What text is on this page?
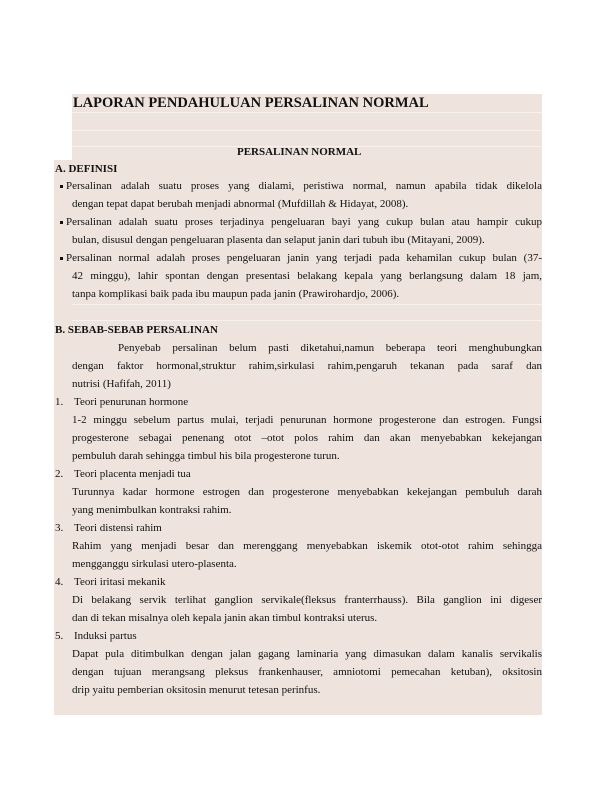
LAPORAN PENDAHULUAN PERSALINAN NORMAL
PERSALINAN NORMAL
A. DEFINISI
Persalinan adalah suatu proses yang dialami, peristiwa normal, namun apabila tidak dikelola
dengan tepat dapat berubah menjadi abnormal (Mufdillah & Hidayat, 2008).
Persalinan adalah suatu proses terjadinya pengeluaran bayi yang cukup bulan atau hampir cukup
bulan, disusul dengan pengeluaran plasenta dan selaput janin dari tubuh ibu (Mitayani, 2009).
Persalinan normal adalah proses pengeluaran janin yang terjadi pada kehamilan cukup bulan (37-
42 minggu), lahir spontan dengan presentasi belakang kepala yang berlangsung dalam 18 jam,
tanpa komplikasi baik pada ibu maupun pada janin (Prawirohardjo, 2006).
B. SEBAB-SEBAB PERSALINAN
Penyebab persalinan belum pasti diketahui,namun beberapa teori menghubungkan
dengan faktor hormonal,struktur rahim,sirkulasi rahim,pengaruh tekanan pada saraf dan
nutrisi (Hafifah, 2011)
1. Teori penurunan hormone
1-2 minggu sebelum partus mulai, terjadi penurunan hormone progesterone dan estrogen. Fungsi
progesterone sebagai penenang otot –otot polos rahim dan akan menyebabkan kekejangan
pembuluh darah sehingga timbul his bila progesterone turun.
2. Teori placenta menjadi tua
Turunnya kadar hormone estrogen dan progesterone menyebabkan kekejangan pembuluh darah
yang menimbulkan kontraksi rahim.
3. Teori distensi rahim
Rahim yang menjadi besar dan merenggang menyebabkan iskemik otot-otot rahim sehingga
mengganggu sirkulasi utero-plasenta.
4. Teori iritasi mekanik
Di belakang servik terlihat ganglion servikale(fleksus franterrhauss). Bila ganglion ini digeser
dan di tekan misalnya oleh kepala janin akan timbul kontraksi uterus.
5. Induksi partus
Dapat pula ditimbulkan dengan jalan gagang laminaria yang dimasukan dalam kanalis servikalis
dengan tujuan merangsang pleksus frankenhauser, amniotomi pemecahan ketuban), oksitosin
drip yaitu pemberian oksitosin menurut tetesan perinfus.
